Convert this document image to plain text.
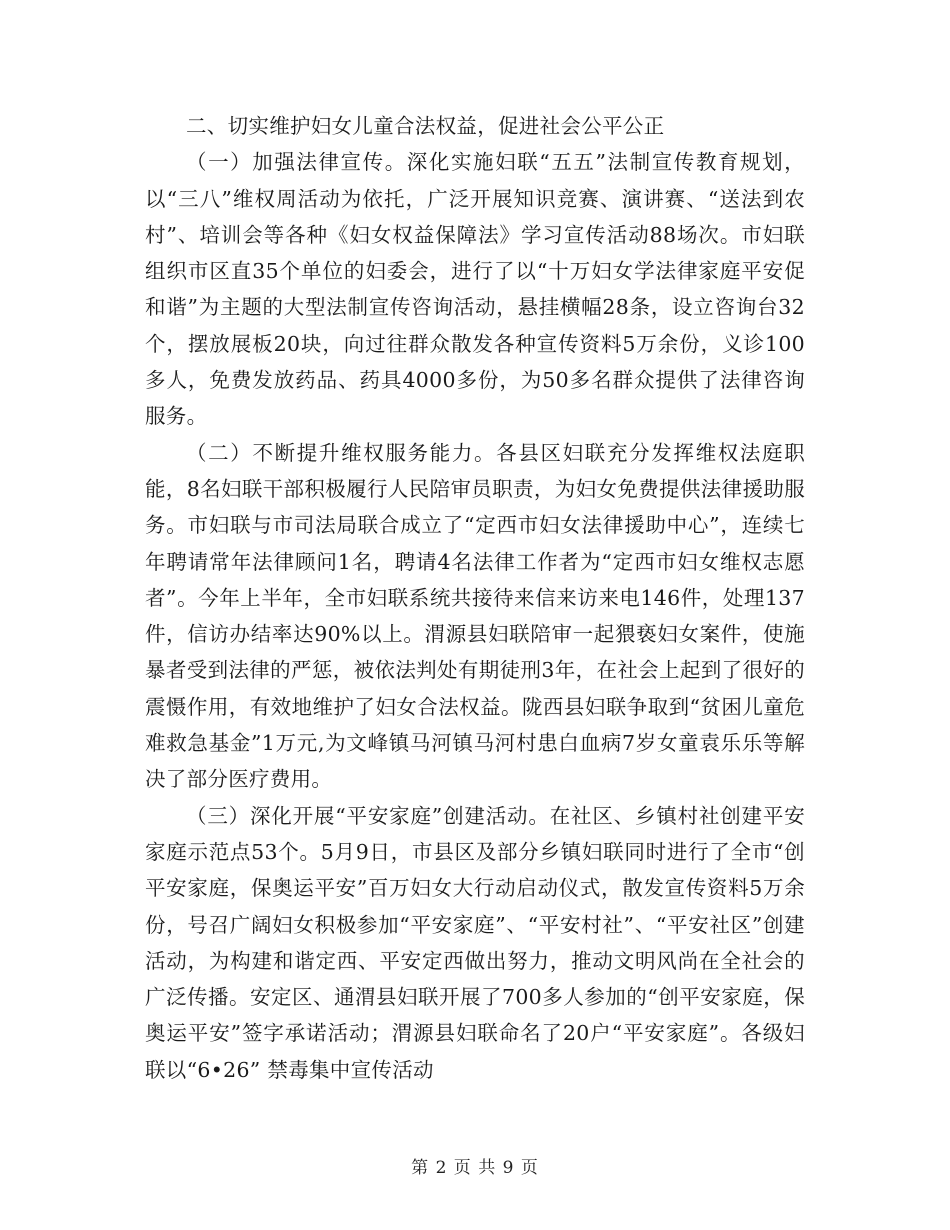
二、切实维护妇女儿童合法权益，促进社会公平公正

（一）加强法律宣传。深化实施妇联“五五”法制宣传教育规划，以“三八”维权周活动为依托，广泛开展知识竞赛、演讲赛、“送法到农村”、培训会等各种《妇女权益保障法》学习宣传活动88场次。市妇联组织市区直35个单位的妇委会，进行了以“十万妇女学法律家庭平安促和谐”为主题的大型法制宣传咨询活动，悬挂横幅28条，设立咨询台32个，摆放展板20块，向过往群众散发各种宣传资料5万余份，义诊100多人，免费发放药品、药具4000多份，为50多名群众提供了法律咨询服务。

（二）不断提升维权服务能力。各县区妇联充分发挥维权法庭职能，8名妇联干部积极履行人民陪审员职责，为妇女免费提供法律援助服务。市妇联与市司法局联合成立了“定西市妇女法律援助中心”，连续七年聘请常年法律顾问1名，聘请4名法律工作者为“定西市妇女维权志愿者”。今年上半年，全市妇联系统共接待来信来访来电146件，处理137件，信访办结率达90%以上。渭源县妇联陪审一起猥亵妇女案件，使施暴者受到法律的严惩，被依法判处有期徒刑3年，在社会上起到了很好的震慑作用，有效地维护了妇女合法权益。陇西县妇联争取到“贫困儿童危难救急基金”1万元,为文峰镇马河镇马河村患白血病7岁女童袁乐乐等解决了部分医疗费用。

（三）深化开展“平安家庭”创建活动。在社区、乡镇村社创建平安家庭示范点53个。5月9日，市县区及部分乡镇妇联同时进行了全市“创平安家庭，保奥运平安”百万妇女大行动启动仪式，散发宣传资料5万余份，号召广阔妇女积极参加“平安家庭”、“平安村社”、“平安社区”创建活动，为构建和谐定西、平安定西做出努力，推动文明风尚在全社会的广泛传播。安定区、通渭县妇联开展了700多人参加的“创平安家庭，保奥运平安”签字承诺活动；渭源县妇联命名了20户“平安家庭”。各级妇联以“6•26” 禁毒集中宣传活动

第 2 页 共 9 页
